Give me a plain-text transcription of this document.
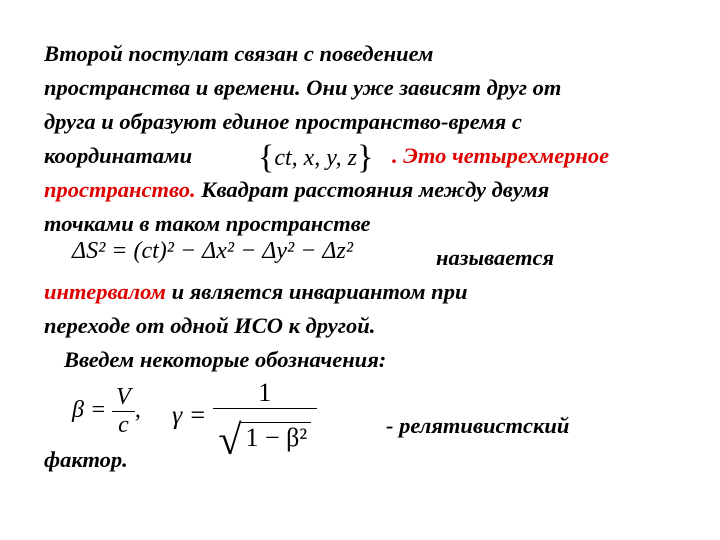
Второй постулат связан с поведением
пространства и времени. Они уже зависят друг от
друга и образуют единое пространство-время с
координатами {ct, x, y, z} . Это четырехмерное
пространство. Квадрат расстояния между двумя
точками в таком пространстве
ΔS² = (ct)² − Δx² − Δy² − Δz²	называется
интервалом и является инвариантом при
переходе от одной ИСО к другой.
Введем некоторые обозначения:
$\beta = \frac{V}{c}$ , $\gamma = \frac{1}{\text{√ 1 − β²}}$	- релятивистский
фактор.
